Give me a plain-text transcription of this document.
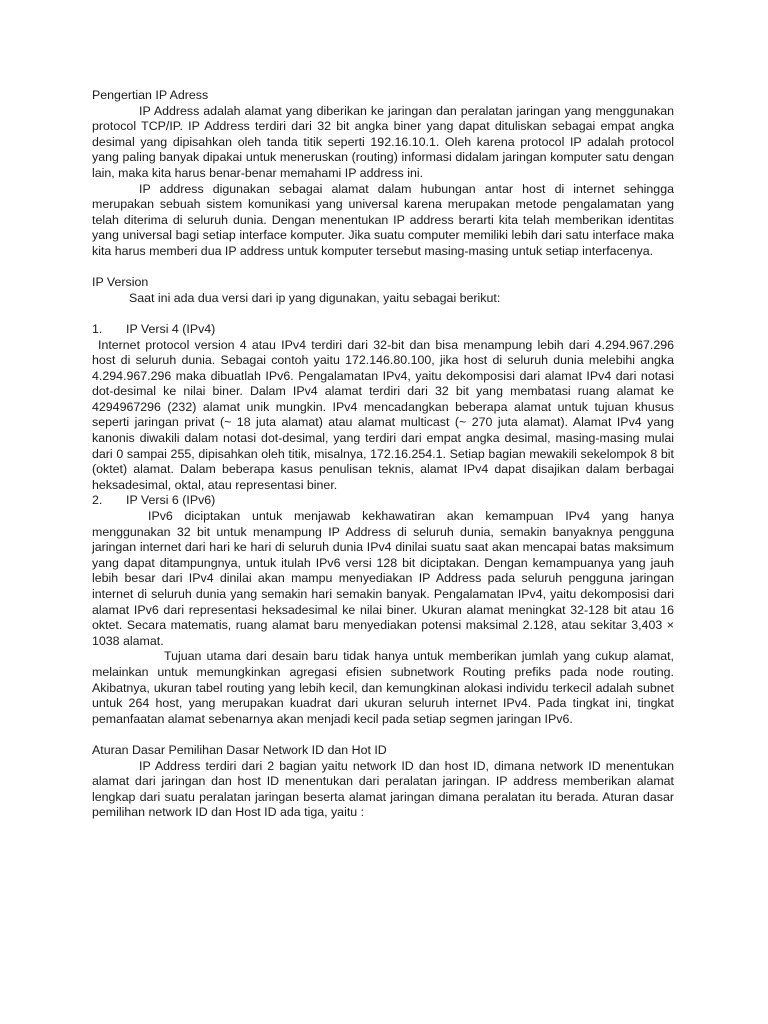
Pengertian IP Adress

IP Address adalah alamat yang diberikan ke jaringan dan peralatan jaringan yang menggunakan protocol TCP/IP. IP Address terdiri dari 32 bit angka biner yang dapat dituliskan sebagai empat angka desimal yang dipisahkan oleh tanda titik seperti 192.16.10.1. Oleh karena protocol IP adalah protocol yang paling banyak dipakai untuk meneruskan (routing) informasi didalam jaringan komputer satu dengan lain, maka kita harus benar-benar memahami IP address ini.

IP address digunakan sebagai alamat dalam hubungan antar host di internet sehingga merupakan sebuah sistem komunikasi yang universal karena merupakan metode pengalamatan yang telah diterima di seluruh dunia. Dengan menentukan IP address berarti kita telah memberikan identitas yang universal bagi setiap interface komputer. Jika suatu computer memiliki lebih dari satu interface maka kita harus memberi dua IP address untuk komputer tersebut masing-masing untuk setiap interfacenya.

IP Version

Saat ini ada dua versi dari ip yang digunakan, yaitu sebagai berikut:

1.	IP Versi 4 (IPv4)

Internet protocol version 4 atau IPv4 terdiri dari 32-bit dan bisa menampung lebih dari 4.294.967.296 host di seluruh dunia. Sebagai contoh yaitu 172.146.80.100, jika host di seluruh dunia melebihi angka 4.294.967.296 maka dibuatlah IPv6. Pengalamatan IPv4, yaitu dekomposisi dari alamat IPv4 dari notasi dot-desimal ke nilai biner. Dalam IPv4 alamat terdiri dari 32 bit yang membatasi ruang alamat ke 4294967296 (232) alamat unik mungkin. IPv4 mencadangkan beberapa alamat untuk tujuan khusus seperti jaringan privat (~ 18 juta alamat) atau alamat multicast (~ 270 juta alamat). Alamat IPv4 yang kanonis diwakili dalam notasi dot-desimal, yang terdiri dari empat angka desimal, masing-masing mulai dari 0 sampai 255, dipisahkan oleh titik, misalnya, 172.16.254.1. Setiap bagian mewakili sekelompok 8 bit (oktet) alamat. Dalam beberapa kasus penulisan teknis, alamat IPv4 dapat disajikan dalam berbagai heksadesimal, oktal, atau representasi biner.

2.	IP Versi 6 (IPv6)

IPv6 diciptakan untuk menjawab kekhawatiran akan kemampuan IPv4 yang hanya menggunakan 32 bit untuk menampung IP Address di seluruh dunia, semakin banyaknya pengguna jaringan internet dari hari ke hari di seluruh dunia IPv4 dinilai suatu saat akan mencapai batas maksimum yang dapat ditampungnya, untuk itulah IPv6 versi 128 bit diciptakan. Dengan kemampuanya yang jauh lebih besar dari IPv4 dinilai akan mampu menyediakan IP Address pada seluruh pengguna jaringan internet di seluruh dunia yang semakin hari semakin banyak. Pengalamatan IPv4, yaitu dekomposisi dari alamat IPv6 dari representasi heksadesimal ke nilai biner. Ukuran alamat meningkat 32-128 bit atau 16 oktet. Secara matematis, ruang alamat baru menyediakan potensi maksimal 2.128, atau sekitar 3,403 × 1038 alamat.

Tujuan utama dari desain baru tidak hanya untuk memberikan jumlah yang cukup alamat, melainkan untuk memungkinkan agregasi efisien subnetwork Routing prefiks pada node routing. Akibatnya, ukuran tabel routing yang lebih kecil, dan kemungkinan alokasi individu terkecil adalah subnet untuk 264 host, yang merupakan kuadrat dari ukuran seluruh internet IPv4. Pada tingkat ini, tingkat pemanfaatan alamat sebenarnya akan menjadi kecil pada setiap segmen jaringan IPv6.

Aturan Dasar Pemilihan Dasar Network ID dan Hot ID

IP Address terdiri dari 2 bagian yaitu network ID dan host ID, dimana network ID menentukan alamat dari jaringan dan host ID menentukan dari peralatan jaringan. IP address memberikan alamat lengkap dari suatu peralatan jaringan beserta alamat jaringan dimana peralatan itu berada. Aturan dasar pemilihan network ID dan Host ID ada tiga, yaitu :
